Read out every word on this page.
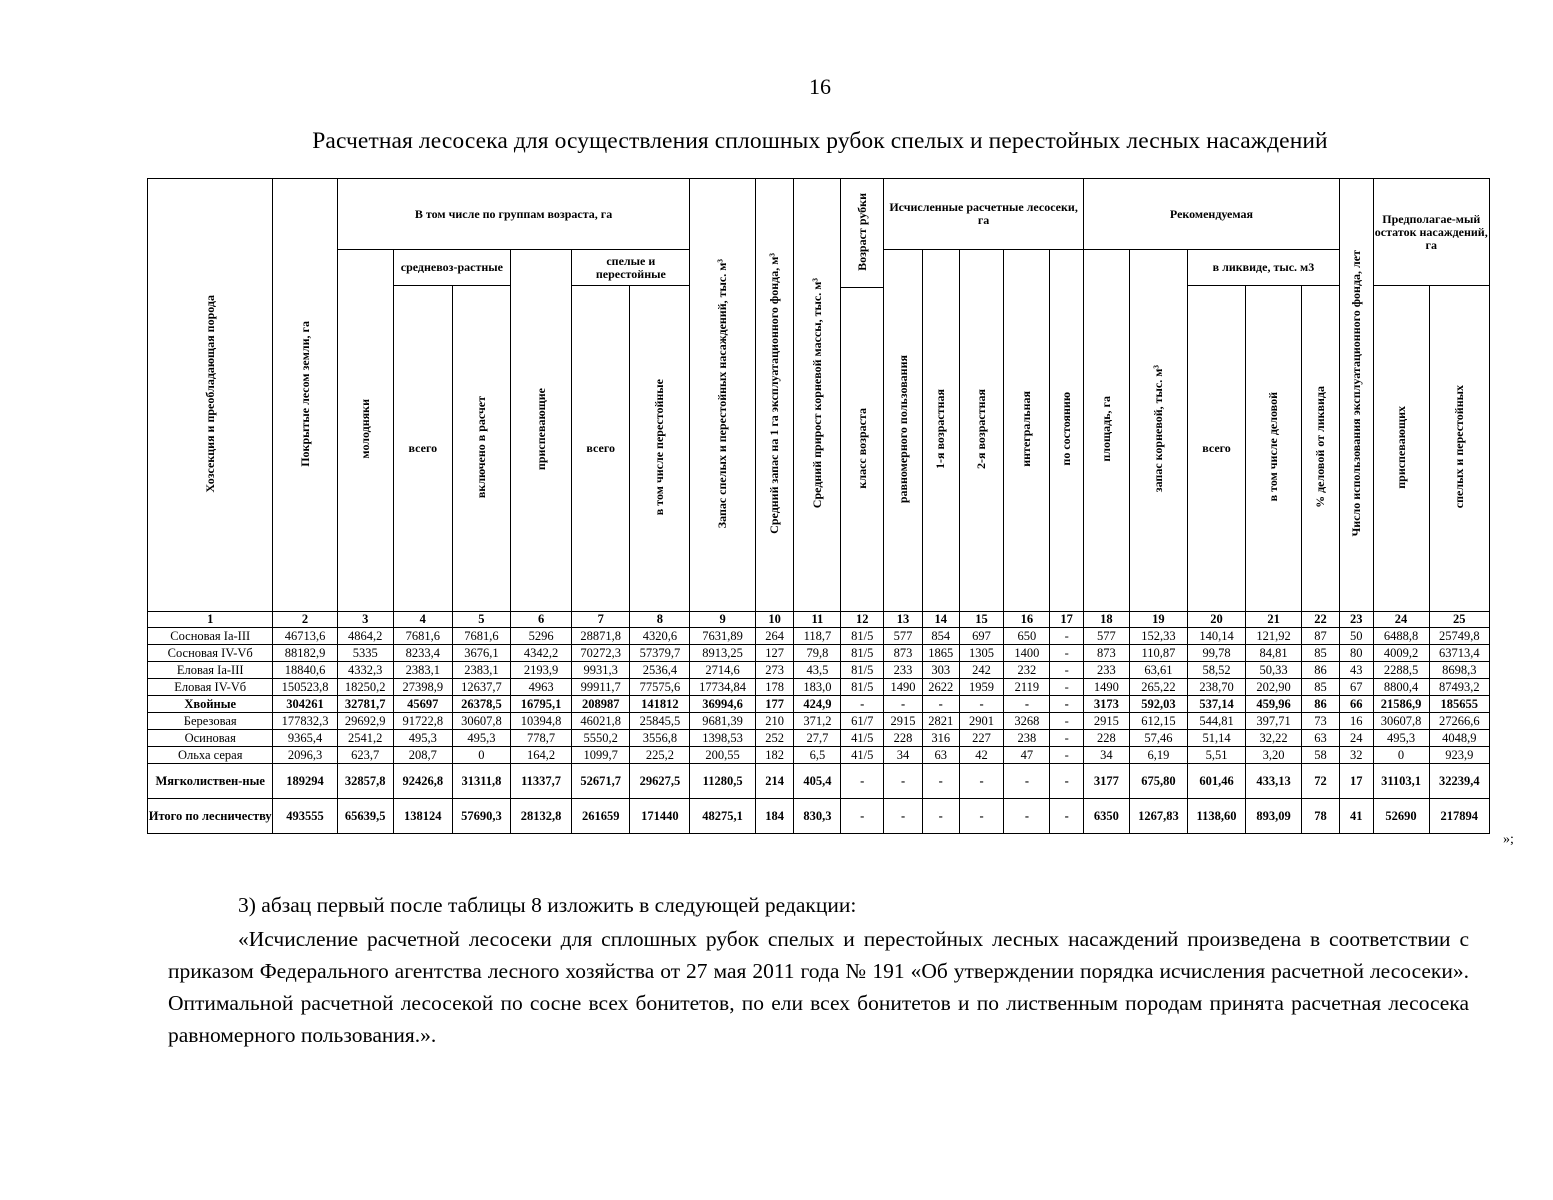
16
Расчетная лесосека для осуществления сплошных рубок спелых и перестойных лесных насаждений
Хозсекция и преобладающая порода	Покрытые лесом земли, га	В том числе по группам возраста, га						Запас спелых и перестойных насаждений, тыс. м³	Средний запас на 1 га эксплуатационного фонда, м³	Средний прирост корневой массы, тыс. м³	Возраст рубки	Исчисленные расчетные лесосеки, га					Рекомендуемая					Число использования эксплуатационного фонда, лет	Предполагае-мый остаток насаждений, га	
		молодняки	средневоз-растные		приспевающие	спелые и перестойные						равномерного пользования	1-я возрастная	2-я возрастная	интегральная	по состоянию	площадь, га	запас корневой, тыс. м³	в ликвиде, тыс. м3					
			всего	включено в расчет		всего	в том числе перестойные												всего	в том числе деловой	% деловой от ликвида		приспевающих	спелых и перестойных
											класс возраста													
1	2	3	4	5	6	7	8	9	10	11	12	13	14	15	16	17	18	19	20	21	22	23	24	25
Сосновая Ia-III	46713,6	4864,2	7681,6	7681,6	5296	28871,8	4320,6	7631,89	264	118,7	81/5	577	854	697	650	-	577	152,33	140,14	121,92	87	50	6488,8	25749,8
Сосновая IV-Vб	88182,9	5335	8233,4	3676,1	4342,2	70272,3	57379,7	8913,25	127	79,8	81/5	873	1865	1305	1400	-	873	110,87	99,78	84,81	85	80	4009,2	63713,4
Еловая Ia-III	18840,6	4332,3	2383,1	2383,1	2193,9	9931,3	2536,4	2714,6	273	43,5	81/5	233	303	242	232	-	233	63,61	58,52	50,33	86	43	2288,5	8698,3
Еловая IV-Vб	150523,8	18250,2	27398,9	12637,7	4963	99911,7	77575,6	17734,84	178	183,0	81/5	1490	2622	1959	2119	-	1490	265,22	238,70	202,90	85	67	8800,4	87493,2
Хвойные	304261	32781,7	45697	26378,5	16795,1	208987	141812	36994,6	177	424,9	-	-	-	-	-	-	3173	592,03	537,14	459,96	86	66	21586,9	185655
Березовая	177832,3	29692,9	91722,8	30607,8	10394,8	46021,8	25845,5	9681,39	210	371,2	61/7	2915	2821	2901	3268	-	2915	612,15	544,81	397,71	73	16	30607,8	27266,6
Осиновая	9365,4	2541,2	495,3	495,3	778,7	5550,2	3556,8	1398,53	252	27,7	41/5	228	316	227	238	-	228	57,46	51,14	32,22	63	24	495,3	4048,9
Ольха серая	2096,3	623,7	208,7	0	164,2	1099,7	225,2	200,55	182	6,5	41/5	34	63	42	47	-	34	6,19	5,51	3,20	58	32	0	923,9
Мягколиствен-ные	189294	32857,8	92426,8	31311,8	11337,7	52671,7	29627,5	11280,5	214	405,4	-	-	-	-	-	-	3177	675,80	601,46	433,13	72	17	31103,1	32239,4
Итого по лесничеству	493555	65639,5	138124	57690,3	28132,8	261659	171440	48275,1	184	830,3	-	-	-	-	-	-	6350	1267,83	1138,60	893,09	78	41	52690	217894
»;
3) абзац первый после таблицы 8 изложить в следующей редакции:
«Исчисление расчетной лесосеки для сплошных рубок спелых и перестойных лесных насаждений произведена в соответствии с приказом Федерального агентства лесного хозяйства от 27 мая 2011 года № 191 «Об утверждении порядка исчисления расчетной лесосеки». Оптимальной расчетной лесосекой по сосне всех бонитетов, по ели всех бонитетов и по лиственным породам принята расчетная лесосека равномерного пользования.».
